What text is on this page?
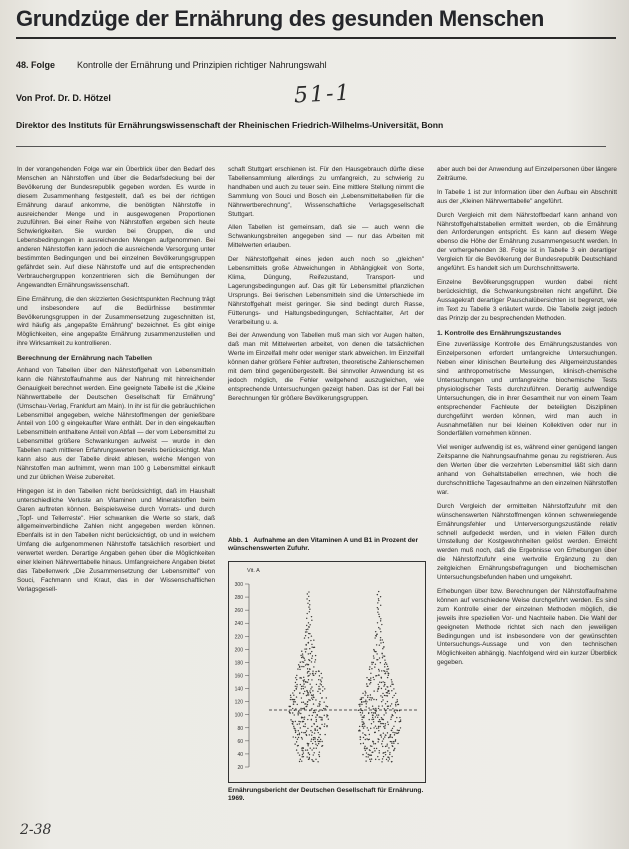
Grundzüge der Ernährung des gesunden Menschen
48. Folge Kontrolle der Ernährung und Prinzipien richtiger Nahrungswahl
Von Prof. Dr. D. Hötzel	51-1
Direktor des Instituts für Ernährungswissenschaft der Rheinischen Friedrich-Wilhelms-Universität, Bonn

In der vorangehenden Folge war ein Überblick über den Bedarf des Menschen an Nährstoffen und über die Bedarfsdeckung bei der Bevölkerung der Bundesrepublik gegeben worden. Es wurde in diesem Zusammenhang festgestellt, daß es bei der richtigen Ernährung darauf ankomme, die benötigten Nährstoffe in ausreichender Menge und in ausgewogenen Proportionen zuzuführen. Bei einer Reihe von Nährstoffen ergeben sich heute Schwierigkeiten. Sie wurden bei Gruppen, die und Lebensbedingungen in ausreichenden Mengen aufgenommen. Bei anderen Nährstoffen kann jedoch die ausreichende Versorgung unter bestimmten Bedingungen und bei einzelnen Bevölkerungsgruppen gefährdet sein. Auf diese Nährstoffe und auf die entsprechenden Verbrauchergruppen konzentrieren sich die Bemühungen der Angewandten Ernährungswissenschaft.

Eine Ernährung, die den skizzierten Gesichtspunkten Rechnung trägt und insbesondere auf die Bedürfnisse bestimmter Bevölkerungsgruppen in der Zusammensetzung zugeschnitten ist, wird häufig als „angepaßte Ernährung" bezeichnet. Es gibt einige Möglichkeiten, eine angepaßte Ernährung zusammenzustellen und ihre Wirksamkeit zu kontrollieren.

Berechnung der Ernährung nach Tabellen

Anhand von Tabellen über den Nährstoffgehalt von Lebensmitteln kann die Nährstoffaufnahme aus der Nahrung mit hinreichender Genauigkeit berechnet werden. Eine geeignete Tabelle ist die „Kleine Nährwerttabelle der Deutschen Gesellschaft für Ernährung" (Umschau-Verlag, Frankfurt am Main). In ihr ist für die gebräuchlichen Lebensmittel angegeben, welche Nährstoffmengen der genießbare Anteil von 100 g eingekaufter Ware enthält. Der in den eingekauften Lebensmitteln enthaltene Anteil von Abfall — der vom Lebensmittel zu Lebensmittel größere Schwankungen aufweist — wurde in den Tabellen nach mittleren Erfahrungswerten bereits berücksichtigt. Man kann also aus der Tabelle direkt ablesen, welche Mengen von Nährstoffen man aufnimmt, wenn man 100 g Lebensmittel einkauft und zur üblichen Weise zubereitet.

Hingegen ist in den Tabellen nicht berücksichtigt, daß im Haushalt unterschiedliche Verluste an Vitaminen und Mineralstoffen beim Garen auftreten können. Beispielsweise durch Vorrats- und durch „Topf- und Tellerreste". Hier schwanken die Werte so stark, daß allgemeinverbindliche Zahlen nicht angegeben werden können. Ebenfalls ist in den Tabellen nicht berücksichtigt, ob und in welchem Umfang die aufgenommenen Nährstoffe tatsächlich resorbiert und verwertet werden. Derartige Angaben gehen über die Möglichkeiten einer kleinen Nährwerttabelle hinaus. Umfangreichere Angaben bietet das Tabellenwerk „Die Zusammensetzung der Lebensmittel" von Souci, Fachmann und Kraut, das in der Wissenschaftlichen Verlagsgesell-

schaft Stuttgart erschienen ist. Für den Hausgebrauch dürfte diese Tabellensammlung allerdings zu umfangreich, zu schwierig zu handhaben und auch zu teuer sein. Eine mittlere Stellung nimmt die Sammlung von Souci und Bosch ein „Lebensmitteltabellen für die Nährwertberechnung", Wissenschaftliche Verlagsgesellschaft Stuttgart.

Allen Tabellen ist gemeinsam, daß sie — auch wenn die Schwankungsbreiten angegeben sind — nur das Arbeiten mit Mittelwerten erlauben.

Der Nährstoffgehalt eines jeden auch noch so „gleichen" Lebensmittels große Abweichungen in Abhängigkeit von Sorte, Klima, Düngung, Reifezustand, Transport- und Lagerungsbedingungen auf. Das gilt für Lebensmittel pflanzlichen Ursprungs. Bei tierischen Lebensmitteln sind die Unterschiede im Nährstoffgehalt meist geringer. Sie sind bedingt durch Rasse, Fütterungs- und Haltungsbedingungen, Schlachtalter, Art der Verarbeitung u. a.

Bei der Anwendung von Tabellen muß man sich vor Augen halten, daß man mit Mittelwerten arbeitet, von denen die tatsächlichen Werte im Einzelfall mehr oder weniger stark abweichen. Im Einzelfall können daher größere Fehler auftreten, theoretische Zahlenschemen mit dem blind gegenübergestellt. Bei sinnvoller Anwendung ist es jedoch möglich, die Fehler weitgehend auszugleichen, wie entsprechende Untersuchungen gezeigt haben. Das ist der Fall bei Berechnungen für größere Bevölkerungsgruppen.

Abb. 1 Aufnahme an den Vitaminen A und B1 in Prozent der wünschenswerten Zufuhr.
Vit. A
300
280
260
240
220
200
180
160
140
120
100
80
60
40
20
Ernährungsbericht der Deutschen Gesellschaft für Ernährung. 1969.

aber auch bei der Anwendung auf Einzelpersonen über längere Zeiträume.

In Tabelle 1 ist zur Information über den Aufbau ein Abschnitt aus der „Kleinen Nährwerttabelle" angeführt.

Durch Vergleich mit dem Nährstoffbedarf kann anhand von Nährstoffgehaltstabellen ermittelt werden, ob die Ernährung den Anforderungen entspricht. Es kann auf diesem Wege ebenso die Höhe der Ernährung zusammengesucht werden. In der vorhergehenden 38. Folge ist in Tabelle 3 ein derartiger Vergleich für die Bevölkerung der Bundesrepublik Deutschland angeführt. Es handelt sich um Durchschnittswerte.

Einzelne Bevölkerungsgruppen wurden dabei nicht berücksichtigt, die Schwankungsbreiten nicht angeführt. Die Aussagekraft derartiger Pauschalübersichten ist begrenzt, wie im Text zu Tabelle 3 erläutert wurde. Die Tabelle zeigt jedoch das Prinzip der zu besprechenden Methoden.

1. Kontrolle des Ernährungszustandes

Eine zuverlässige Kontrolle des Ernährungszustandes von Einzelpersonen erfordert umfangreiche Untersuchungen. Neben einer klinischen Beurteilung des Allgemeinzustandes sind anthropometrische Messungen, klinisch-chemische Untersuchungen und umfangreiche biochemische Tests physiologischer Tests durchzuführen. Derartig aufwendige Untersuchungen, die in ihrer Gesamtheit nur von einem Team entsprechender Fachleute der beteiligten Disziplinen durchgeführt werden können, wird man auch in Ausnahmefällen nur bei kleinen Kollektiven oder nur in Sonderfällen vornehmen können.

Viel weniger aufwendig ist es, während einer genügend langen Zeitspanne die Nahrungsaufnahme genau zu registrieren. Aus den Werten über die verzehrten Lebensmittel läßt sich dann anhand von Gehaltstabellen errechnen, wie hoch die durchschnittliche Tagesaufnahme an den einzelnen Nährstoffen war.

Durch Vergleich der ermittelten Nährstoffzufuhr mit den wünschenswerten Nährstoffmengen können schwerwiegende Ernährungsfehler und Unterversorgungszustände relativ schnell aufgedeckt werden, und in vielen Fällen durch Umstellung der Kostgewohnheiten gelöst werden. Erreicht werden muß noch, daß die Ergebnisse von Erhebungen über die Nährstoffzufuhr eine wertvolle Ergänzung zu den zeitgleichen Ernährungsbefragungen und biochemischen Untersuchungsbefunden haben und umgekehrt.

Erhebungen über bzw. Berechnungen der Nährstoffaufnahme können auf verschiedene Weise durchgeführt werden. Es sind zum Kontrolle einer der einzelnen Methoden möglich, die jeweils ihre speziellen Vor- und Nachteile haben. Die Wahl der geeigneten Methode richtet sich nach den jeweiligen Bedingungen und ist insbesondere von der gewünschten Untersuchungs-Aussage und von den technischen Möglichkeiten abhängig. Nachfolgend wird ein kurzer Überblick gegeben.

2-38
